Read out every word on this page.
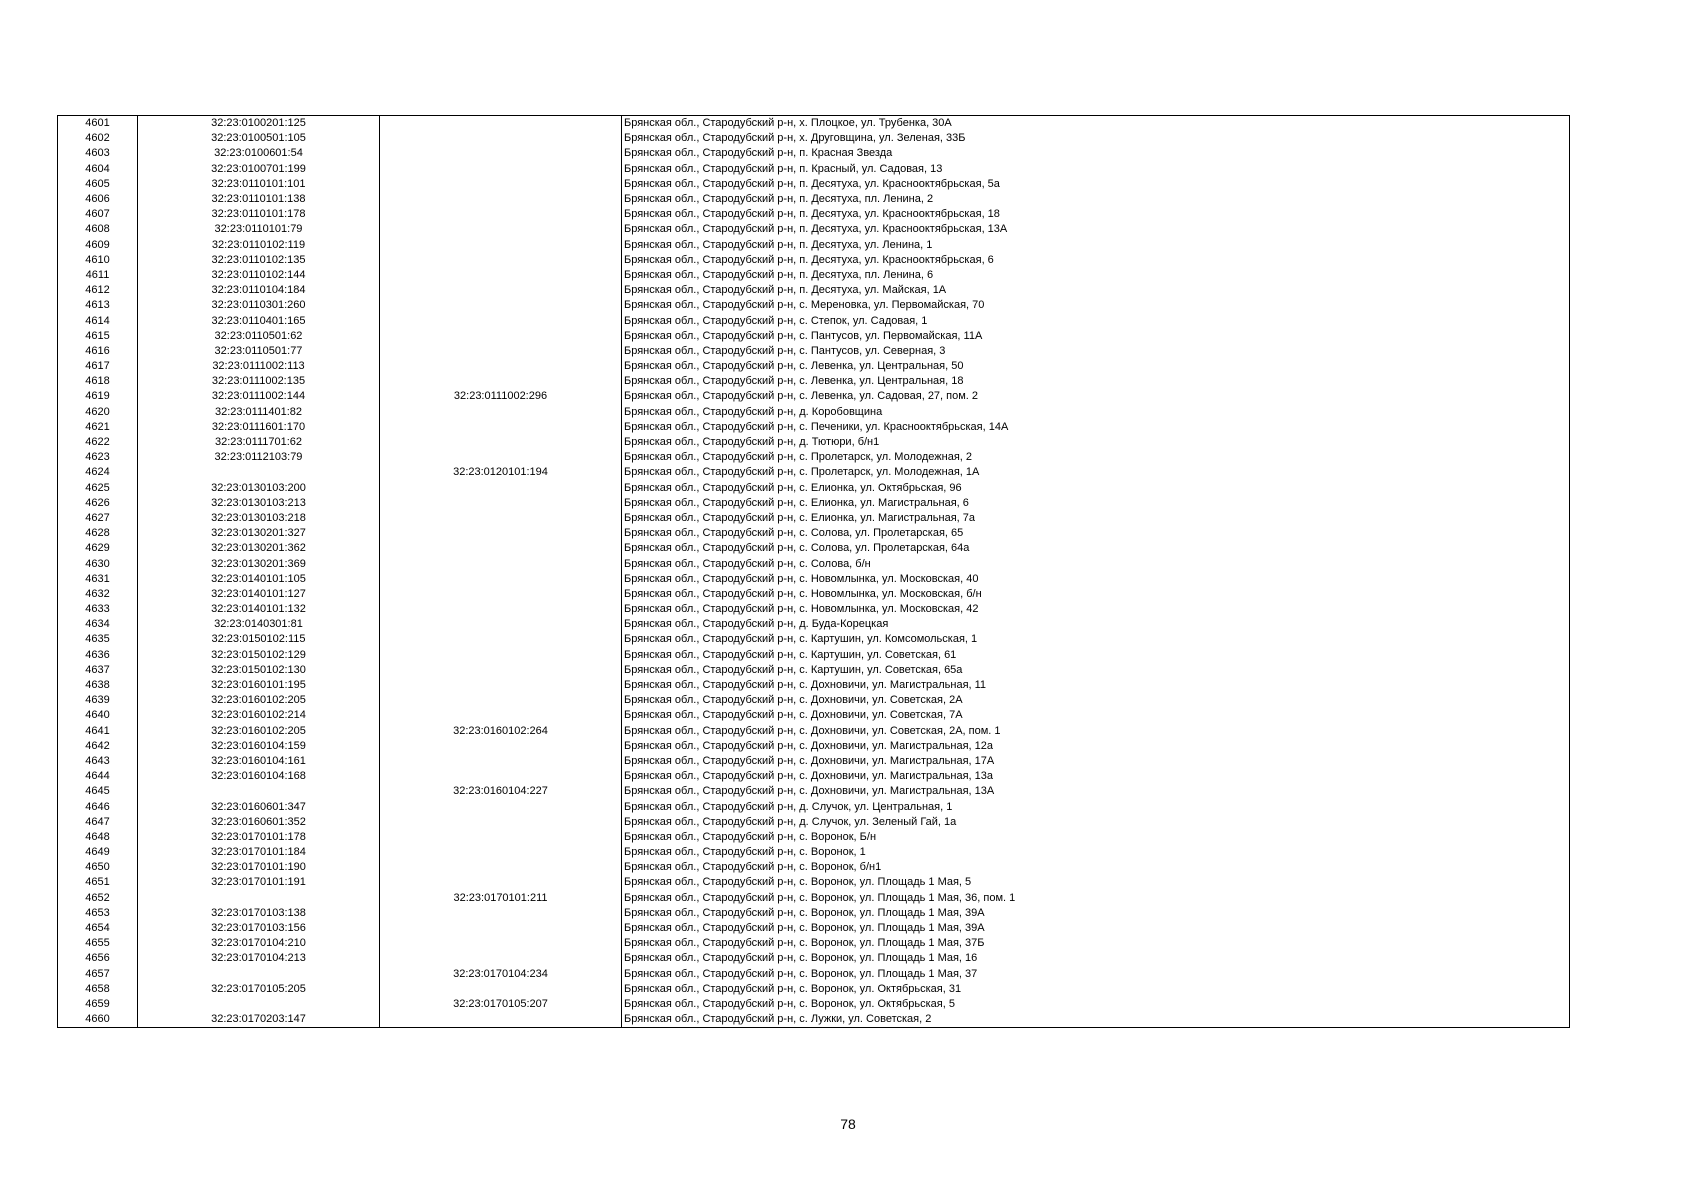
4601	32:23:0100201:125		Брянская обл., Стародубский р-н, х. Плоцкое, ул. Трубенка, 30А
4602	32:23:0100501:105		Брянская обл., Стародубский р-н, х. Друговщина, ул. Зеленая, 33Б
4603	32:23:0100601:54		Брянская обл., Стародубский р-н, п. Красная Звезда
4604	32:23:0100701:199		Брянская обл., Стародубский р-н, п. Красный, ул. Садовая, 13
4605	32:23:0110101:101		Брянская обл., Стародубский р-н, п. Десятуха, ул. Краснооктябрьская, 5а
4606	32:23:0110101:138		Брянская обл., Стародубский р-н, п. Десятуха, пл. Ленина, 2
4607	32:23:0110101:178		Брянская обл., Стародубский р-н, п. Десятуха, ул. Краснооктябрьская, 18
4608	32:23:0110101:79		Брянская обл., Стародубский р-н, п. Десятуха, ул. Краснооктябрьская, 13А
4609	32:23:0110102:119		Брянская обл., Стародубский р-н, п. Десятуха, ул. Ленина, 1
4610	32:23:0110102:135		Брянская обл., Стародубский р-н, п. Десятуха, ул. Краснооктябрьская, 6
4611	32:23:0110102:144		Брянская обл., Стародубский р-н, п. Десятуха, пл. Ленина, 6
4612	32:23:0110104:184		Брянская обл., Стародубский р-н, п. Десятуха, ул. Майская, 1А
4613	32:23:0110301:260		Брянская обл., Стародубский р-н, с. Мереновка, ул. Первомайская, 70
4614	32:23:0110401:165		Брянская обл., Стародубский р-н, с. Степок, ул. Садовая, 1
4615	32:23:0110501:62		Брянская обл., Стародубский р-н, с. Пантусов, ул. Первомайская, 11А
4616	32:23:0110501:77		Брянская обл., Стародубский р-н, с. Пантусов, ул. Северная, 3
4617	32:23:0111002:113		Брянская обл., Стародубский р-н, с. Левенка, ул. Центральная, 50
4618	32:23:0111002:135		Брянская обл., Стародубский р-н, с. Левенка, ул. Центральная, 18
4619	32:23:0111002:144	32:23:0111002:296	Брянская обл., Стародубский р-н, с. Левенка, ул. Садовая, 27, пом. 2
4620	32:23:0111401:82		Брянская обл., Стародубский р-н, д. Коробовщина
4621	32:23:0111601:170		Брянская обл., Стародубский р-н, с. Печеники, ул. Краснооктябрьская, 14А
4622	32:23:0111701:62		Брянская обл., Стародубский р-н, д. Тютюри, б/н1
4623	32:23:0112103:79		Брянская обл., Стародубский р-н, с. Пролетарск, ул. Молодежная, 2
4624		32:23:0120101:194	Брянская обл., Стародубский р-н, с. Пролетарск, ул. Молодежная, 1А
4625	32:23:0130103:200		Брянская обл., Стародубский р-н, с. Елионка, ул. Октябрьская, 96
4626	32:23:0130103:213		Брянская обл., Стародубский р-н, с. Елионка, ул. Магистральная, 6
4627	32:23:0130103:218		Брянская обл., Стародубский р-н, с. Елионка, ул. Магистральная, 7а
4628	32:23:0130201:327		Брянская обл., Стародубский р-н, с. Солова, ул. Пролетарская, 65
4629	32:23:0130201:362		Брянская обл., Стародубский р-н, с. Солова, ул. Пролетарская, 64а
4630	32:23:0130201:369		Брянская обл., Стародубский р-н, с. Солова, б/н
4631	32:23:0140101:105		Брянская обл., Стародубский р-н, с. Новомлынка, ул. Московская, 40
4632	32:23:0140101:127		Брянская обл., Стародубский р-н, с. Новомлынка, ул. Московская, б/н
4633	32:23:0140101:132		Брянская обл., Стародубский р-н, с. Новомлынка, ул. Московская, 42
4634	32:23:0140301:81		Брянская обл., Стародубский р-н, д. Буда-Корецкая
4635	32:23:0150102:115		Брянская обл., Стародубский р-н, с. Картушин, ул. Комсомольская, 1
4636	32:23:0150102:129		Брянская обл., Стародубский р-н, с. Картушин, ул. Советская, 61
4637	32:23:0150102:130		Брянская обл., Стародубский р-н, с. Картушин, ул. Советская, 65а
4638	32:23:0160101:195		Брянская обл., Стародубский р-н, с. Дохновичи, ул. Магистральная, 11
4639	32:23:0160102:205		Брянская обл., Стародубский р-н, с. Дохновичи, ул. Советская, 2А
4640	32:23:0160102:214		Брянская обл., Стародубский р-н, с. Дохновичи, ул. Советская, 7А
4641	32:23:0160102:205	32:23:0160102:264	Брянская обл., Стародубский р-н, с. Дохновичи, ул. Советская, 2А, пом. 1
4642	32:23:0160104:159		Брянская обл., Стародубский р-н, с. Дохновичи, ул. Магистральная, 12а
4643	32:23:0160104:161		Брянская обл., Стародубский р-н, с. Дохновичи, ул. Магистральная, 17А
4644	32:23:0160104:168		Брянская обл., Стародубский р-н, с. Дохновичи, ул. Магистральная, 13а
4645		32:23:0160104:227	Брянская обл., Стародубский р-н, с. Дохновичи, ул. Магистральная, 13А
4646	32:23:0160601:347		Брянская обл., Стародубский р-н, д. Случок, ул. Центральная, 1
4647	32:23:0160601:352		Брянская обл., Стародубский р-н, д. Случок, ул. Зеленый Гай, 1а
4648	32:23:0170101:178		Брянская обл., Стародубский р-н, с. Воронок, Б/н
4649	32:23:0170101:184		Брянская обл., Стародубский р-н, с. Воронок, 1
4650	32:23:0170101:190		Брянская обл., Стародубский р-н, с. Воронок, б/н1
4651	32:23:0170101:191		Брянская обл., Стародубский р-н, с. Воронок, ул. Площадь 1 Мая, 5
4652		32:23:0170101:211	Брянская обл., Стародубский р-н, с. Воронок, ул. Площадь 1 Мая, 36, пом. 1
4653	32:23:0170103:138		Брянская обл., Стародубский р-н, с. Воронок, ул. Площадь 1 Мая, 39А
4654	32:23:0170103:156		Брянская обл., Стародубский р-н, с. Воронок, ул. Площадь 1 Мая, 39А
4655	32:23:0170104:210		Брянская обл., Стародубский р-н, с. Воронок, ул. Площадь 1 Мая, 37Б
4656	32:23:0170104:213		Брянская обл., Стародубский р-н, с. Воронок, ул. Площадь 1 Мая, 16
4657		32:23:0170104:234	Брянская обл., Стародубский р-н, с. Воронок, ул. Площадь 1 Мая, 37
4658	32:23:0170105:205		Брянская обл., Стародубский р-н, с. Воронок, ул. Октябрьская, 31
4659		32:23:0170105:207	Брянская обл., Стародубский р-н, с. Воронок, ул. Октябрьская, 5
4660	32:23:0170203:147		Брянская обл., Стародубский р-н, с. Лужки, ул. Советская, 2
78
